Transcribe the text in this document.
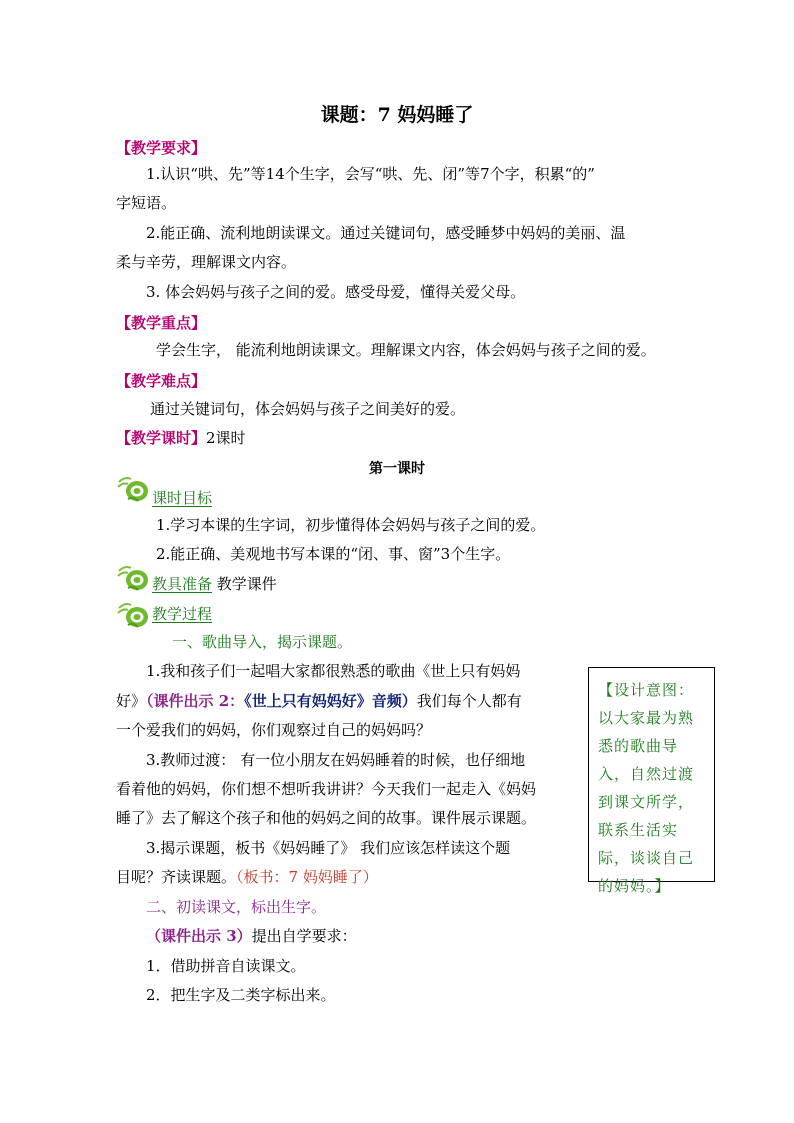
课题：7 妈妈睡了
【教学要求】
1.认识“哄、先”等14个生字，会写“哄、先、闭”等7个字，积累“的”
字短语。
2.能正确、流利地朗读课文。通过关键词句，感受睡梦中妈妈的美丽、温
柔与辛劳，理解课文内容。
3. 体会妈妈与孩子之间的爱。感受母爱，懂得关爱父母。
【教学重点】
学会生字， 能流利地朗读课文。理解课文内容，体会妈妈与孩子之间的爱。
【教学难点】
通过关键词句，体会妈妈与孩子之间美好的爱。
【教学课时】2课时
第一课时
课时目标
1.学习本课的生字词，初步懂得体会妈妈与孩子之间的爱。
2.能正确、美观地书写本课的“闭、事、窗”3个生字。
教具准备 教学课件
教学过程
一、歌曲导入，揭示课题。
1.我和孩子们一起唱大家都很熟悉的歌曲《世上只有妈妈
好》（课件出示 2：《世上只有妈妈好》音频）我们每个人都有
一个爱我们的妈妈，你们观察过自己的妈妈吗？
3.教师过渡： 有一位小朋友在妈妈睡着的时候，也仔细地
看着他的妈妈，你们想不想听我讲讲？今天我们一起走入《妈妈
睡了》去了解这个孩子和他的妈妈之间的故事。课件展示课题。
3.揭示课题，板书《妈妈睡了》 我们应该怎样读这个题
目呢？齐读课题。（板书：7 妈妈睡了）
二、初读课文，标出生字。
（课件出示 3）提出自学要求：
1．借助拼音自读课文。
2．把生字及二类字标出来。
【设计意图：以大家最为熟悉的歌曲导入，自然过渡到课文所学，联系生活实际，谈谈自己的妈妈。】
